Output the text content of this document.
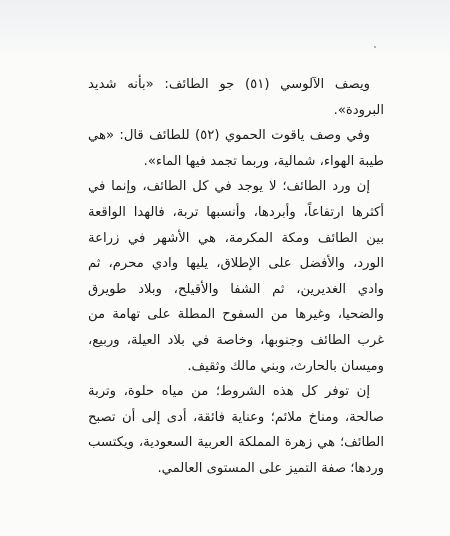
ويصف الآلوسي (٥١) جو الطائف: «بأنه شديد البرودة».

وفي وصف ياقوت الحموي (٥٢) للطائف قال: «هي طيبة الهواء، شمالية، وربما تجمد فيها الماء».

إن ورد الطائف؛ لا يوجد في كل الطائف، وإنما في أكثرها ارتفاعاً، وأبردها، وأنسبها تربة، فالهدا الواقعة بين الطائف ومكة المكرمة، هي الأشهر في زراعة الورد، والأفضل على الإطلاق، يليها وادي محرم، ثم وادي الغديرين، ثم الشفا والأقيلح، وبلاد طويرق والضحيا، وغيرها من السفوح المطلة على تهامة من غرب الطائف وجنوبها، وخاصة في بلاد العيلة، وربيع، وميسان بالحارث، وبني مالك وثقيف.

إن توفر كل هذه الشروط؛ من مياه حلوة، وتربة صالحة، ومناخ ملائم؛ وعناية فائقة، أدى إلى أن تصبح الطائف؛ هي زهرة المملكة العربية السعودية، ويكتسب وردها؛ صفة التميز على المستوى العالمي.
